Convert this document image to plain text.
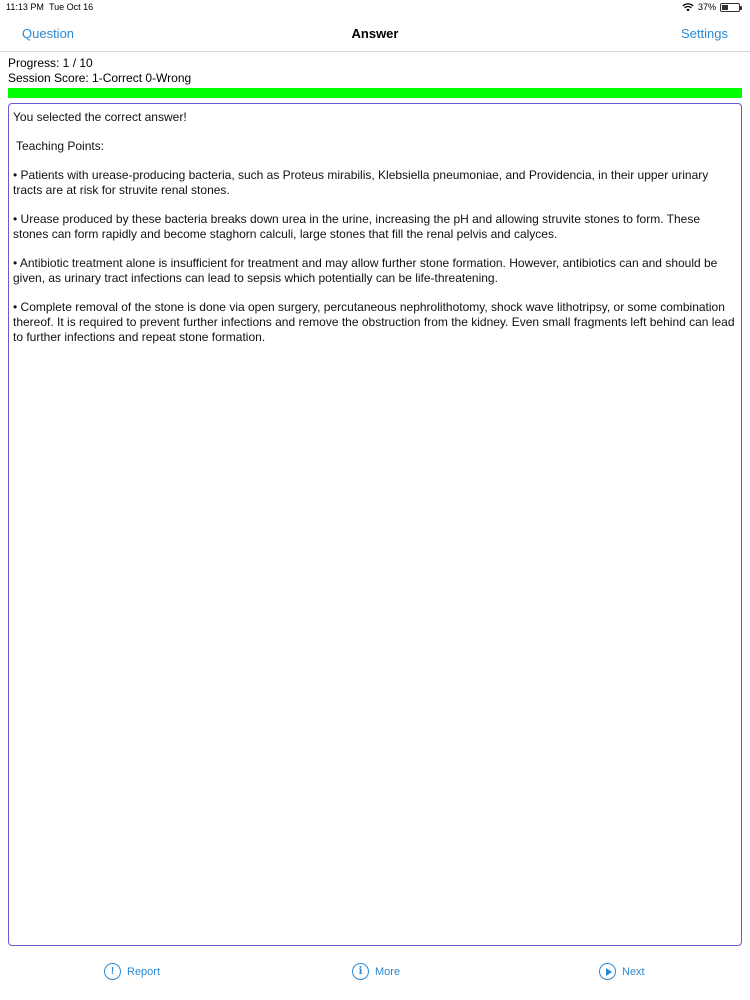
11:13 PM Tue Oct 16	37%
Question	Answer	Settings
Progress: 1 / 10
Session Score: 1-Correct 0-Wrong

You selected the correct answer!

Teaching Points:

• Patients with urease-producing bacteria, such as Proteus mirabilis, Klebsiella pneumoniae, and Providencia, in their upper urinary tracts are at risk for struvite renal stones.

• Urease produced by these bacteria breaks down urea in the urine, increasing the pH and allowing struvite stones to form. These stones can form rapidly and become staghorn calculi, large stones that fill the renal pelvis and calyces.

• Antibiotic treatment alone is insufficient for treatment and may allow further stone formation. However, antibiotics can and should be given, as urinary tract infections can lead to sepsis which potentially can be life-threatening.

• Complete removal of the stone is done via open surgery, percutaneous nephrolithotomy, shock wave lithotripsy, or some combination thereof. It is required to prevent further infections and remove the obstruction from the kidney. Even small fragments left behind can lead to further infections and repeat stone formation.

!	Report	i	More	Next
